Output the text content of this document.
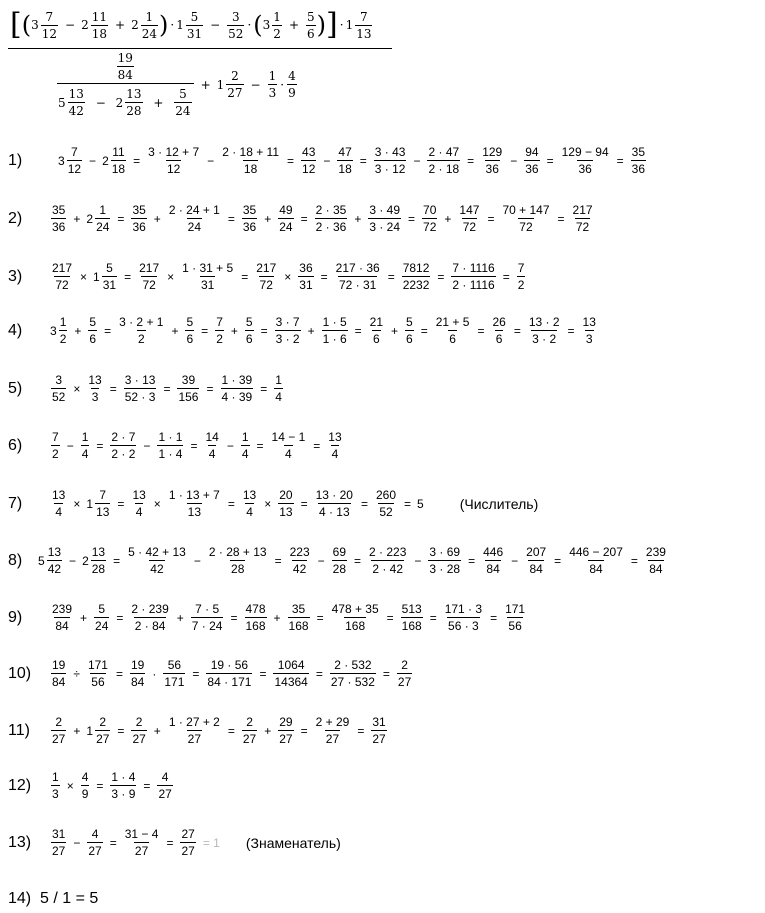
[ ( $3 \frac{7}{12} - 2 \frac{11}{18} + 2 \frac{1}{24}$ ) · $1 \frac{5}{31} - \frac{3}{52}$ · ( $3 \frac{1}{2} + \frac{5}{6}$ ) ] · $1 \frac{7}{13}$
$\frac{\frac{19}{84}}{5 \frac{13}{42} - 2 \frac{13}{28} + \frac{5}{24}} + 1 \frac{2}{27} - \frac{1}{3} \cdot \frac{4}{9}$
1)	$3 \frac{7}{12} - 2 \frac{11}{18} = \frac{3 \cdot 12 + 7}{12} - \frac{2 \cdot 18 + 11}{18} = \frac{43}{12} - \frac{47}{18} = \frac{3 \cdot 43}{3 \cdot 12} - \frac{2 \cdot 47}{2 \cdot 18} = \frac{129}{36} - \frac{94}{36} = \frac{129 - 94}{36} = \frac{35}{36}$
2)	$\frac{35}{36} + 2 \frac{1}{24} = \frac{35}{36} + \frac{2 \cdot 24 + 1}{24} = \frac{35}{36} + \frac{49}{24} = \frac{2 \cdot 35}{2 \cdot 36} + \frac{3 \cdot 49}{3 \cdot 24} = \frac{70}{72} + \frac{147}{72} = \frac{70 + 147}{72} = \frac{217}{72}$
3)	$\frac{217}{72} \times 1 \frac{5}{31} = \frac{217}{72} \times \frac{1 \cdot 31 + 5}{31} = \frac{217}{72} \times \frac{36}{31} = \frac{217 \cdot 36}{72 \cdot 31} = \frac{7812}{2232} = \frac{7 \cdot 1116}{2 \cdot 1116} = \frac{7}{2}$
4)	$3 \frac{1}{2} + \frac{5}{6} = \frac{3 \cdot 2 + 1}{2} + \frac{5}{6} = \frac{7}{2} + \frac{5}{6} = \frac{3 \cdot 7}{3 \cdot 2} + \frac{1 \cdot 5}{1 \cdot 6} = \frac{21}{6} + \frac{5}{6} = \frac{21 + 5}{6} = \frac{26}{6} = \frac{13 \cdot 2}{3 \cdot 2} = \frac{13}{3}$
5)	$\frac{3}{52} \times \frac{13}{3} = \frac{3 \cdot 13}{52 \cdot 3} = \frac{39}{156} = \frac{1 \cdot 39}{4 \cdot 39} = \frac{1}{4}$
6)	$\frac{7}{2} - \frac{1}{4} = \frac{2 \cdot 7}{2 \cdot 2} - \frac{1 \cdot 1}{1 \cdot 4} = \frac{14}{4} - \frac{1}{4} = \frac{14 - 1}{4} = \frac{13}{4}$
7)	$\frac{13}{4} \times 1 \frac{7}{13} = \frac{13}{4} \times \frac{1 \cdot 13 + 7}{13} = \frac{13}{4} \times \frac{20}{13} = \frac{13 \cdot 20}{4 \cdot 13} = \frac{260}{52} = 5$	(Числитель)
8)	$5 \frac{13}{42} - 2 \frac{13}{28} = \frac{5 \cdot 42 + 13}{42} - \frac{2 \cdot 28 + 13}{28} = \frac{223}{42} - \frac{69}{28} = \frac{2 \cdot 223}{2 \cdot 42} - \frac{3 \cdot 69}{3 \cdot 28} = \frac{446}{84} - \frac{207}{84} = \frac{446 - 207}{84} = \frac{239}{84}$
9)	$\frac{239}{84} + \frac{5}{24} = \frac{2 \cdot 239}{2 \cdot 84} + \frac{7 \cdot 5}{7 \cdot 24} = \frac{478}{168} + \frac{35}{168} = \frac{478 + 35}{168} = \frac{513}{168} = \frac{171 \cdot 3}{56 \cdot 3} = \frac{171}{56}$
10)	$\frac{19}{84} \div \frac{171}{56} = \frac{19}{84} \cdot \frac{56}{171} = \frac{19 \cdot 56}{84 \cdot 171} = \frac{1064}{14364} = \frac{2 \cdot 532}{27 \cdot 532} = \frac{2}{27}$
11)	$\frac{2}{27} + 1 \frac{2}{27} = \frac{2}{27} + \frac{1 \cdot 27 + 2}{27} = \frac{2}{27} + \frac{29}{27} = \frac{2 + 29}{27} = \frac{31}{27}$
12)	$\frac{1}{3} \times \frac{4}{9} = \frac{1 \cdot 4}{3 \cdot 9} = \frac{4}{27}$
13)	$\frac{31}{27} - \frac{4}{27} = \frac{31 - 4}{27} = \frac{27}{27} = 1$ (Знаменатель)
14) 5 / 1 = 5
